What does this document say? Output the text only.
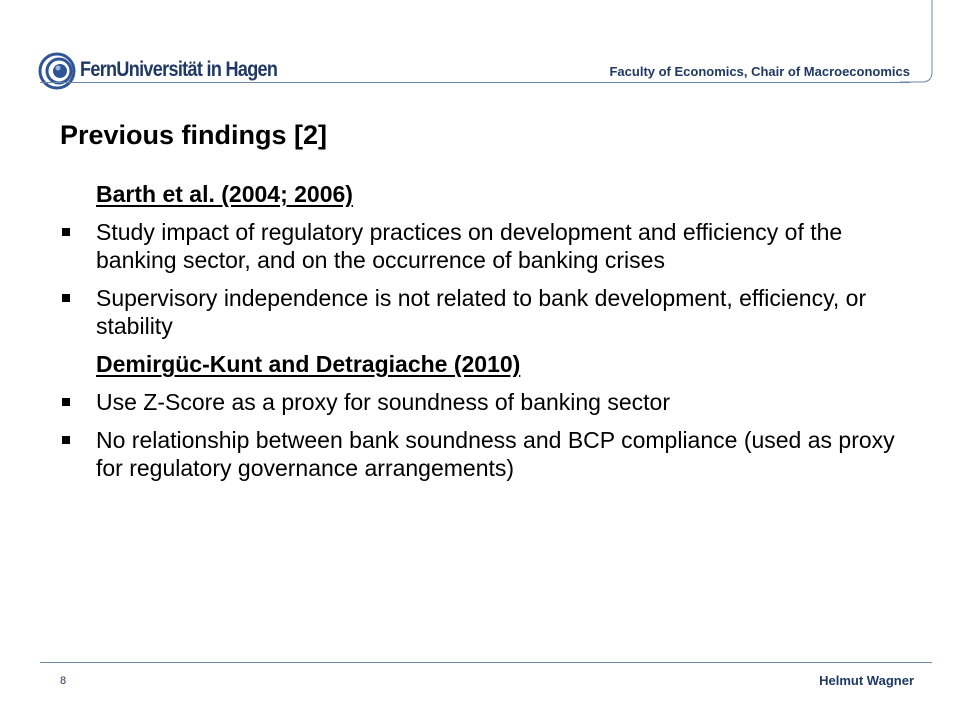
FernUniversität in Hagen	Faculty of Economics, Chair of Macroeconomics
Previous findings [2]

Barth et al. (2004; 2006)

Study impact of regulatory practices on development and efficiency of the banking sector, and on the occurrence of banking crises
Supervisory independence is not related to bank development, efficiency, or stability

Demirgüc-Kunt and Detragiache (2010)

Use Z-Score as a proxy for soundness of banking sector
No relationship between bank soundness and BCP compliance (used as proxy for regulatory governance arrangements)
8	Helmut Wagner
